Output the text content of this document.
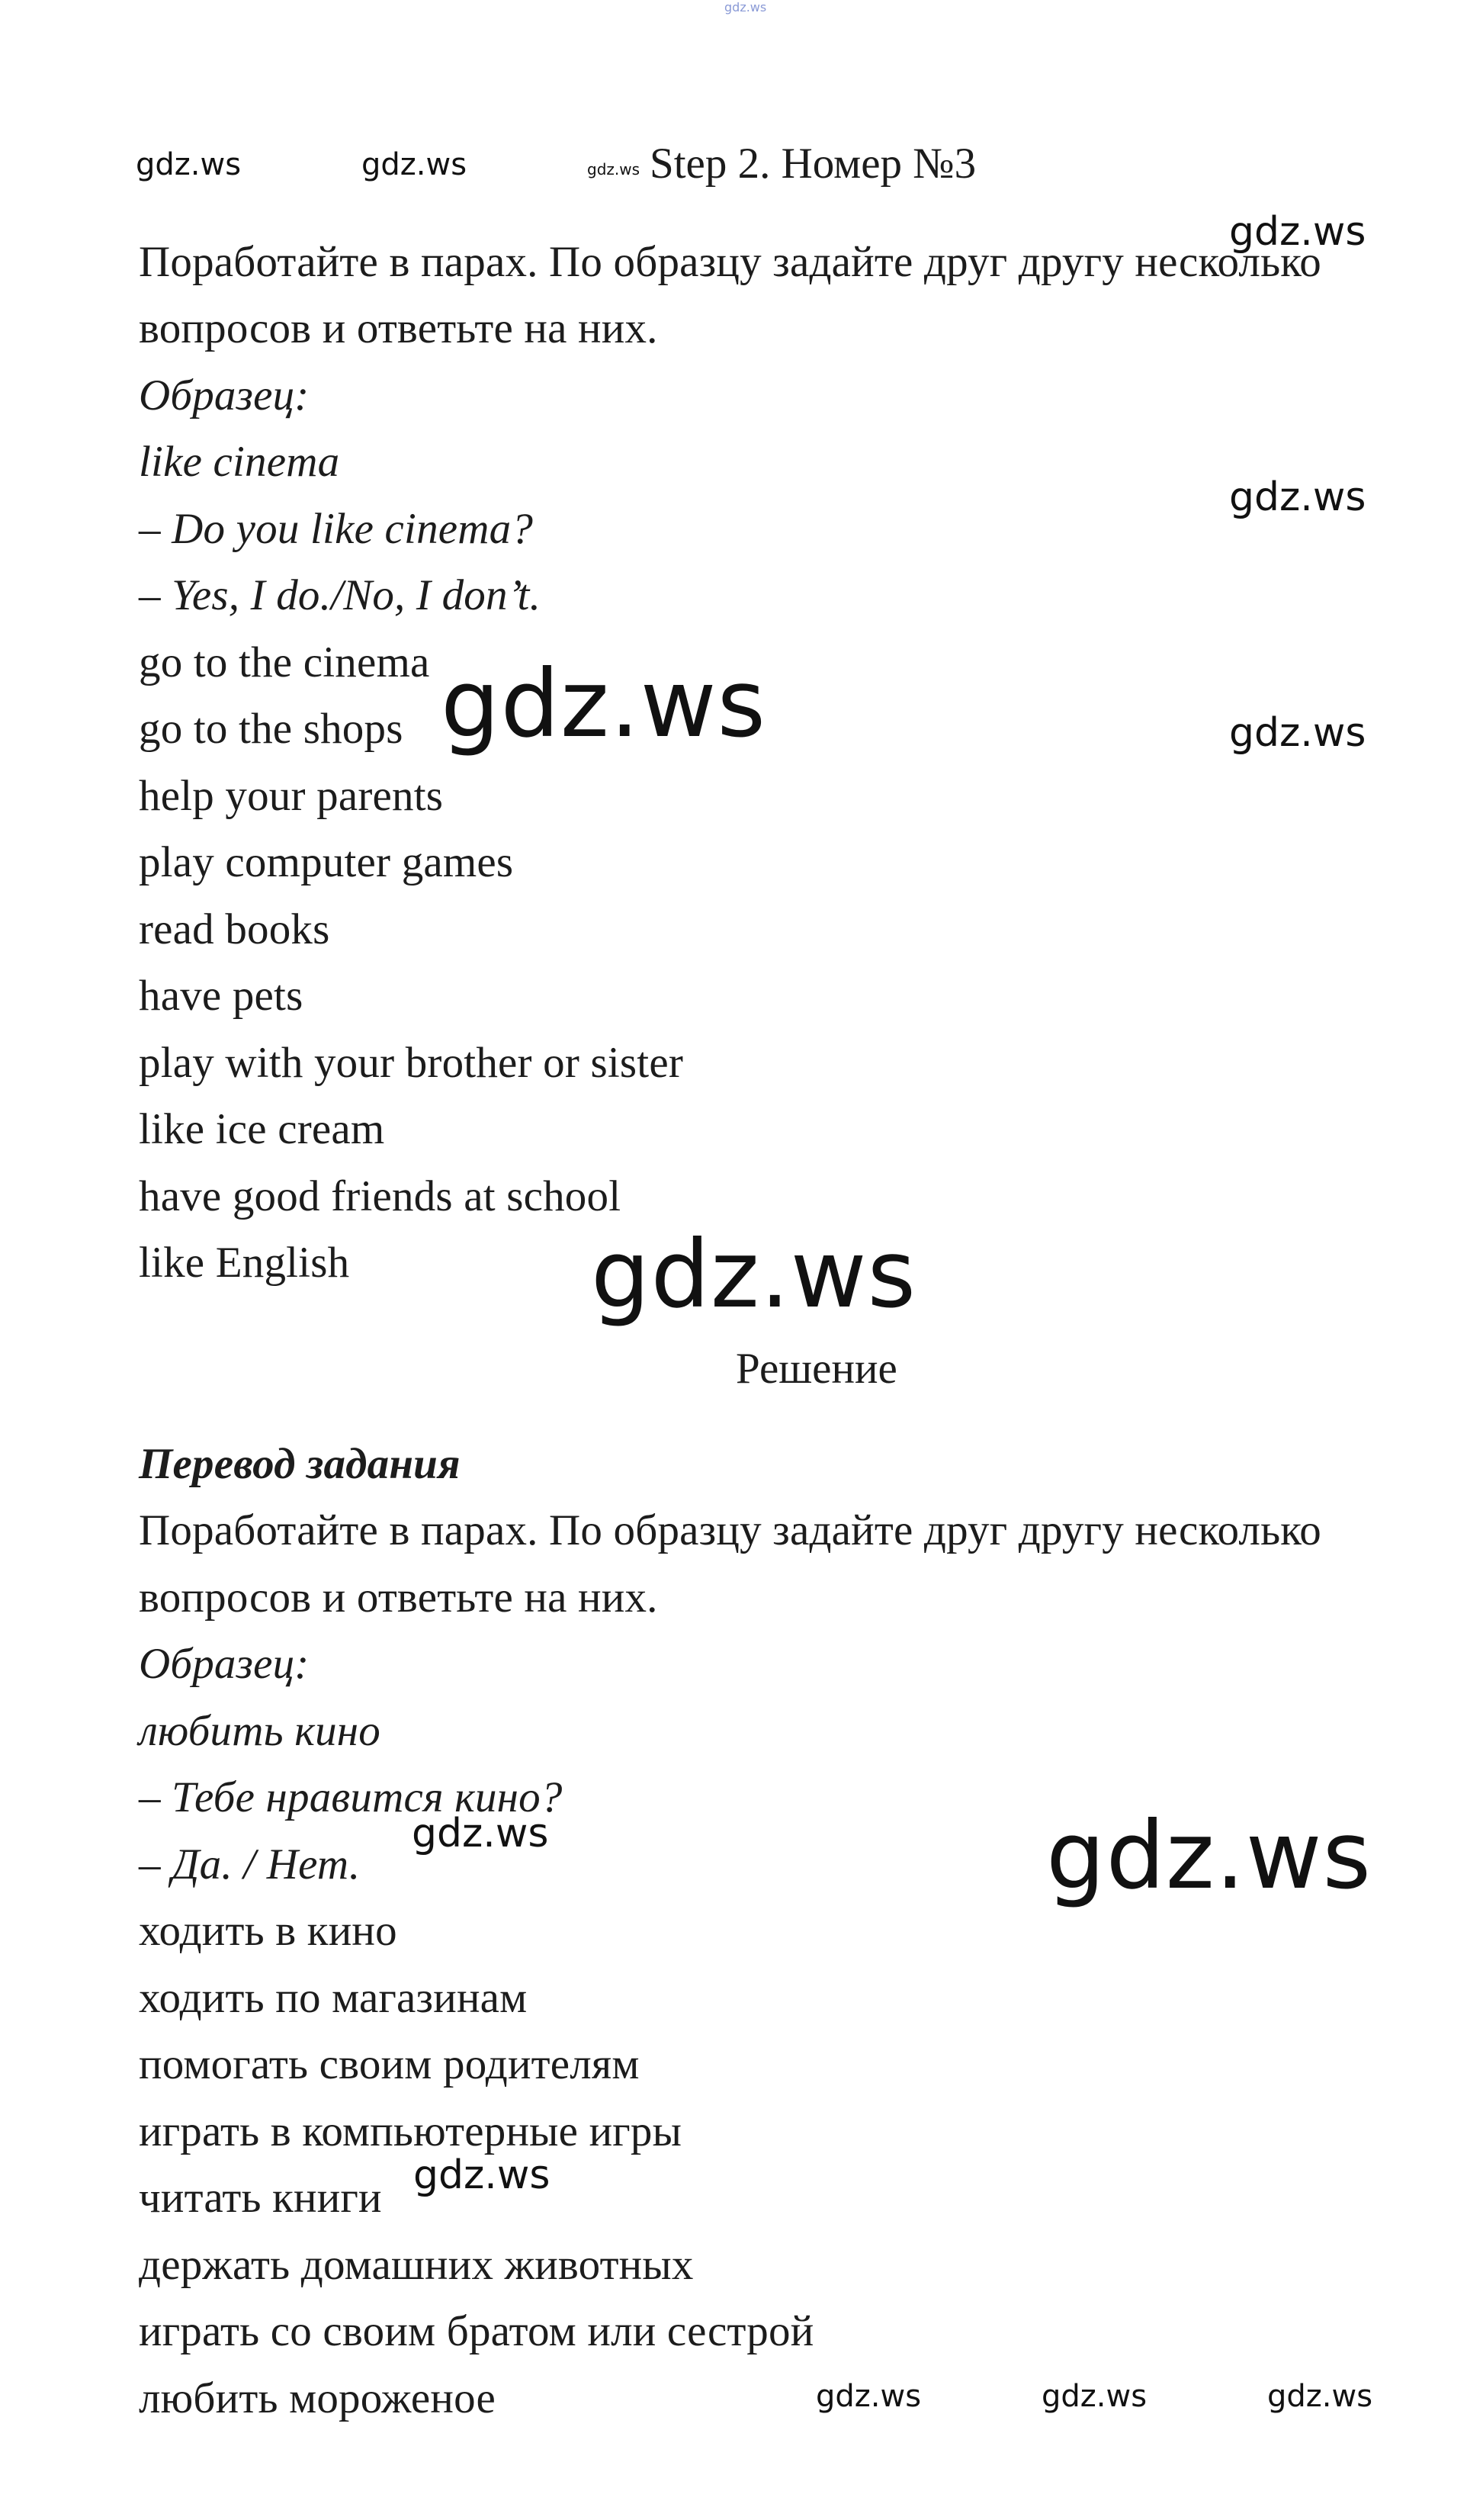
gdz.ws
gdz.ws	gdz.ws	gdz.ws Step 2. Номер №3
gdz.ws
gdz.ws
gdz.ws
Поработайте в парах. По образцу задайте друг другу несколько
вопросов и ответьте на них.
Образец:
like cinema
– Do you like cinema?
– Yes, I do./No, I don’t.
go to the cinema
go to the shops
help your parents
play computer games
read books
have pets
play with your brother or sister
like ice cream
have good friends at school
like English
gdz.ws
gdz.ws
gdz.ws
Решение
Перевод задания
Поработайте в парах. По образцу задайте друг другу несколько
вопросов и ответьте на них.
Образец:
любить кино
– Тебе нравится кино?
– Да. / Нет.
ходить в кино
ходить по магазинам
помогать своим родителям
играть в компьютерные игры
читать книги
держать домашних животных
играть со своим братом или сестрой
любить мороженое
gdz.ws
gdz.ws
gdz.ws	gdz.ws	gdz.ws
